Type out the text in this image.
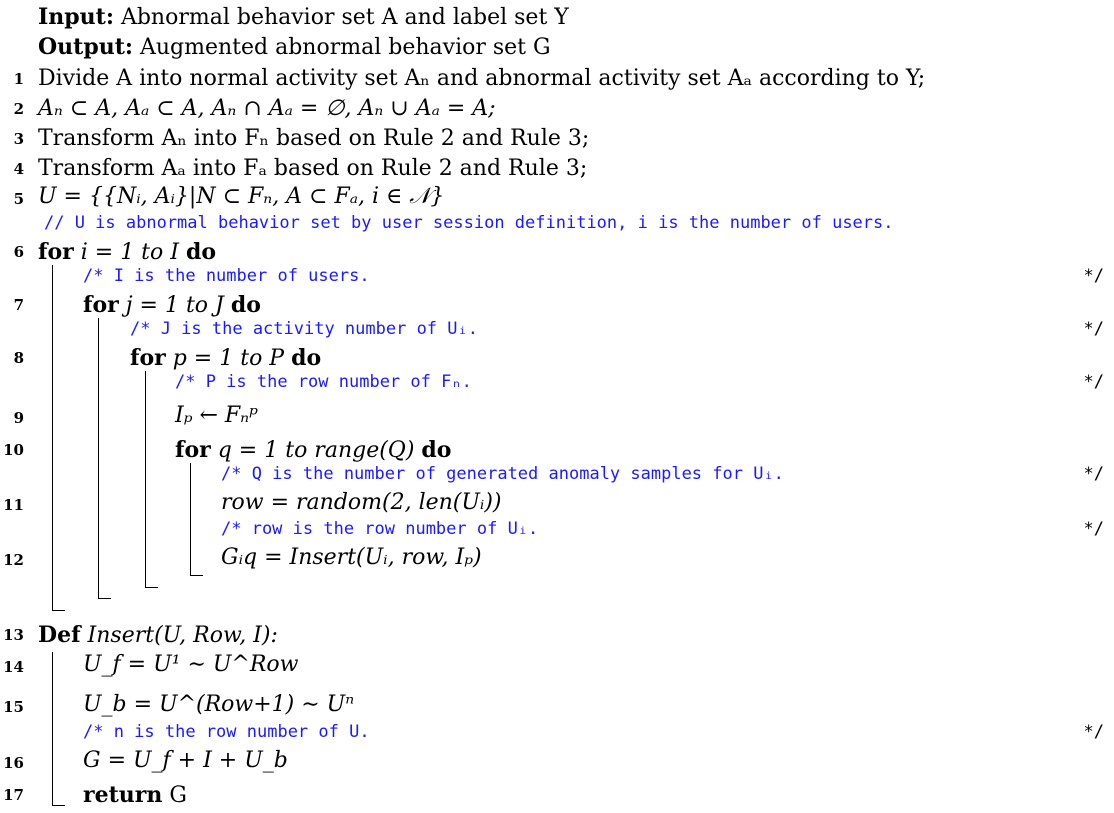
Input: Abnormal behavior set A and label set Y
Output: Augmented abnormal behavior set G
1 Divide A into normal activity set Aₙ and abnormal activity set Aₐ according to Y;
2 Aₙ ⊂ A, Aₐ ⊂ A, Aₙ ∩ Aₐ = ∅, Aₙ ∪ Aₐ = A;
3 Transform Aₙ into Fₙ based on Rule 2 and Rule 3;
4 Transform Aₐ into Fₐ based on Rule 2 and Rule 3;
5 U = {{Nᵢ, Aᵢ}|N ⊂ Fₙ, A ⊂ Fₐ, i ∈ 𝒩}
// U is abnormal behavior set by user session definition, i is the number of users.
6 for i = 1 to I do
/* I is the number of users.	*/
7	for j = 1 to J do
/* J is the activity number of Uᵢ.	*/
8	for p = 1 to P do
/* P is the row number of Fₙ.	*/
9	Iₚ ← Fₙᵖ
10	for q = 1 to range(Q) do
/* Q is the number of generated anomaly samples for Uᵢ.	*/
11	row = random(2, len(Uᵢ))
/* row is the row number of Uᵢ.	*/
12	Gᵢq = Insert(Uᵢ, row, Iₚ)
13 Def Insert(U, Row, I):
14	U_f = U¹ ∼ U^Row
15	U_b = U^(Row+1) ∼ Uⁿ
/* n is the row number of U.	*/
16	G = U_f + I + U_b
17	return G
